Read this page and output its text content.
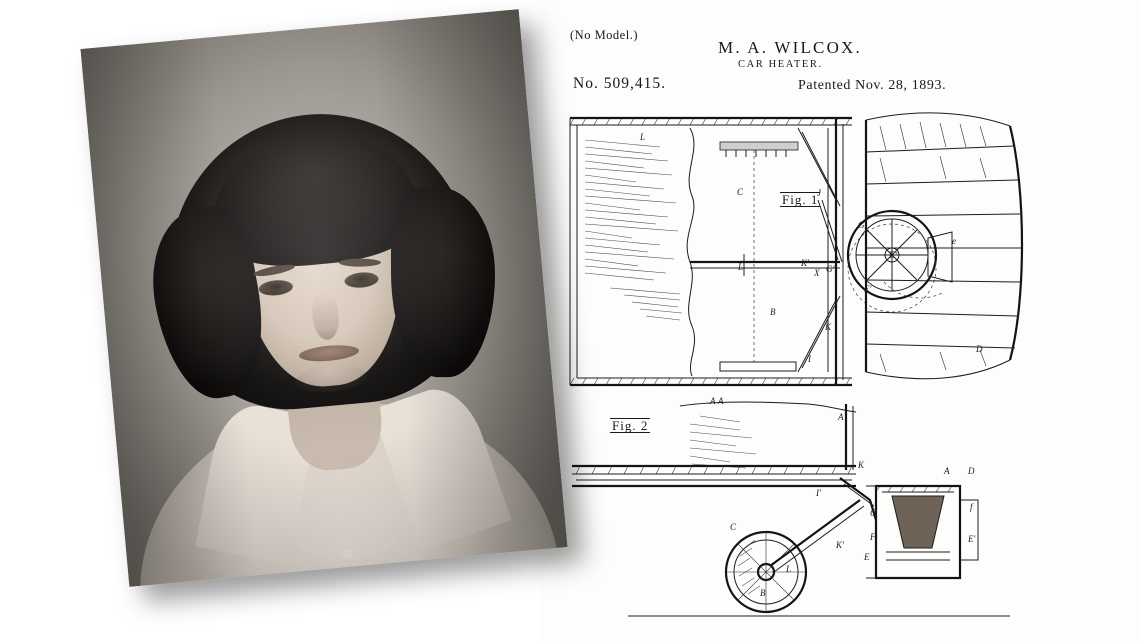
(No Model.)
M. A. WILCOX.
CAR HEATER.
No. 509,415.	Patented Nov. 28, 1893.
Fig. 1
Fig. 2
L
C	J
L	K'
X G'
B
K
I
A
G
e
E²
E'
D
A
A
K
I'
G
K'
C
B
L
A D
f
E'
E
F
